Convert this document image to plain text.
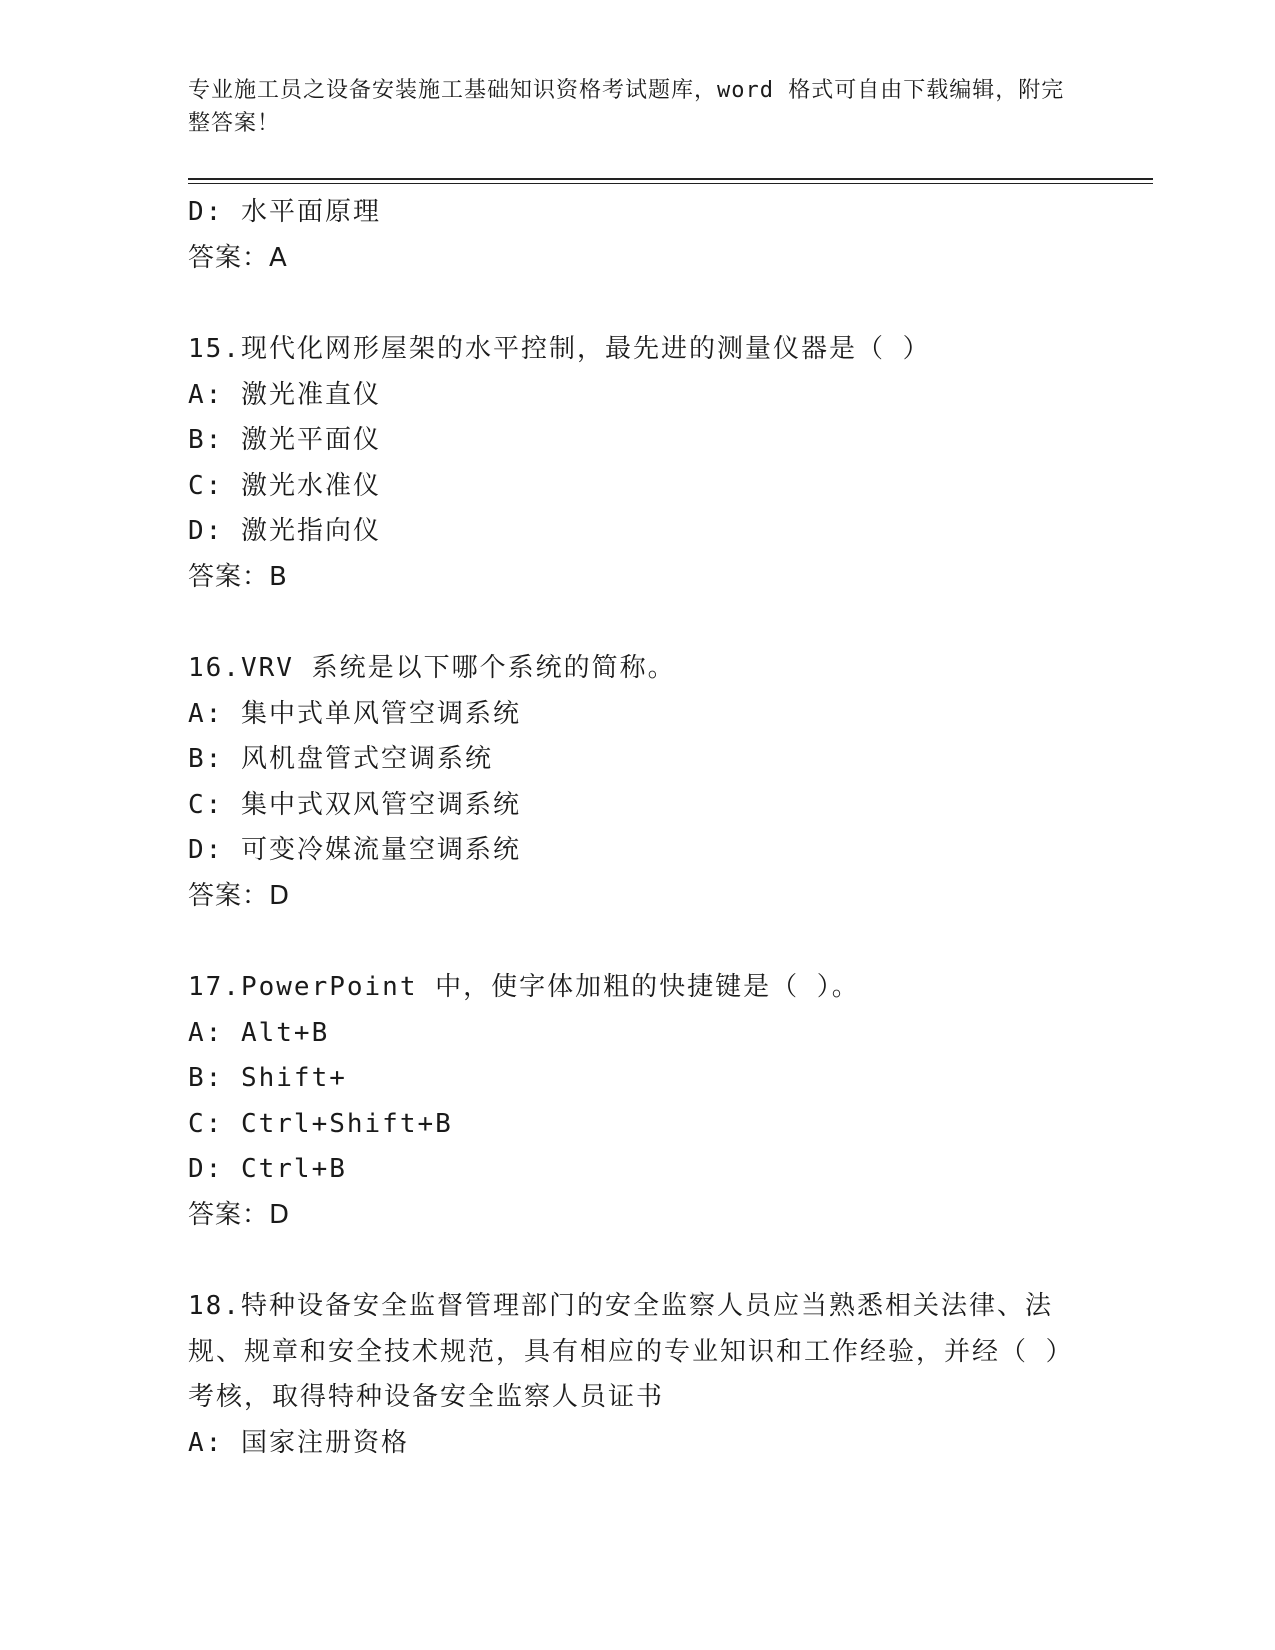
专业施工员之设备安装施工基础知识资格考试题库，word 格式可自由下载编辑，附完整答案！
D: 水平面原理
答案：A
15.现代化网形屋架的水平控制，最先进的测量仪器是（ ）
A: 激光准直仪
B: 激光平面仪
C: 激光水准仪
D: 激光指向仪
答案：B
16.VRV 系统是以下哪个系统的简称。
A: 集中式单风管空调系统
B: 风机盘管式空调系统
C: 集中式双风管空调系统
D: 可变冷媒流量空调系统
答案：D
17.PowerPoint 中，使字体加粗的快捷键是（ ）。
A: Alt+B
B: Shift+
C: Ctrl+Shift+B
D: Ctrl+B
答案：D
18.特种设备安全监督管理部门的安全监察人员应当熟悉相关法律、法规、规章和安全技术规范，具有相应的专业知识和工作经验，并经（ ）考核，取得特种设备安全监察人员证书
A: 国家注册资格
